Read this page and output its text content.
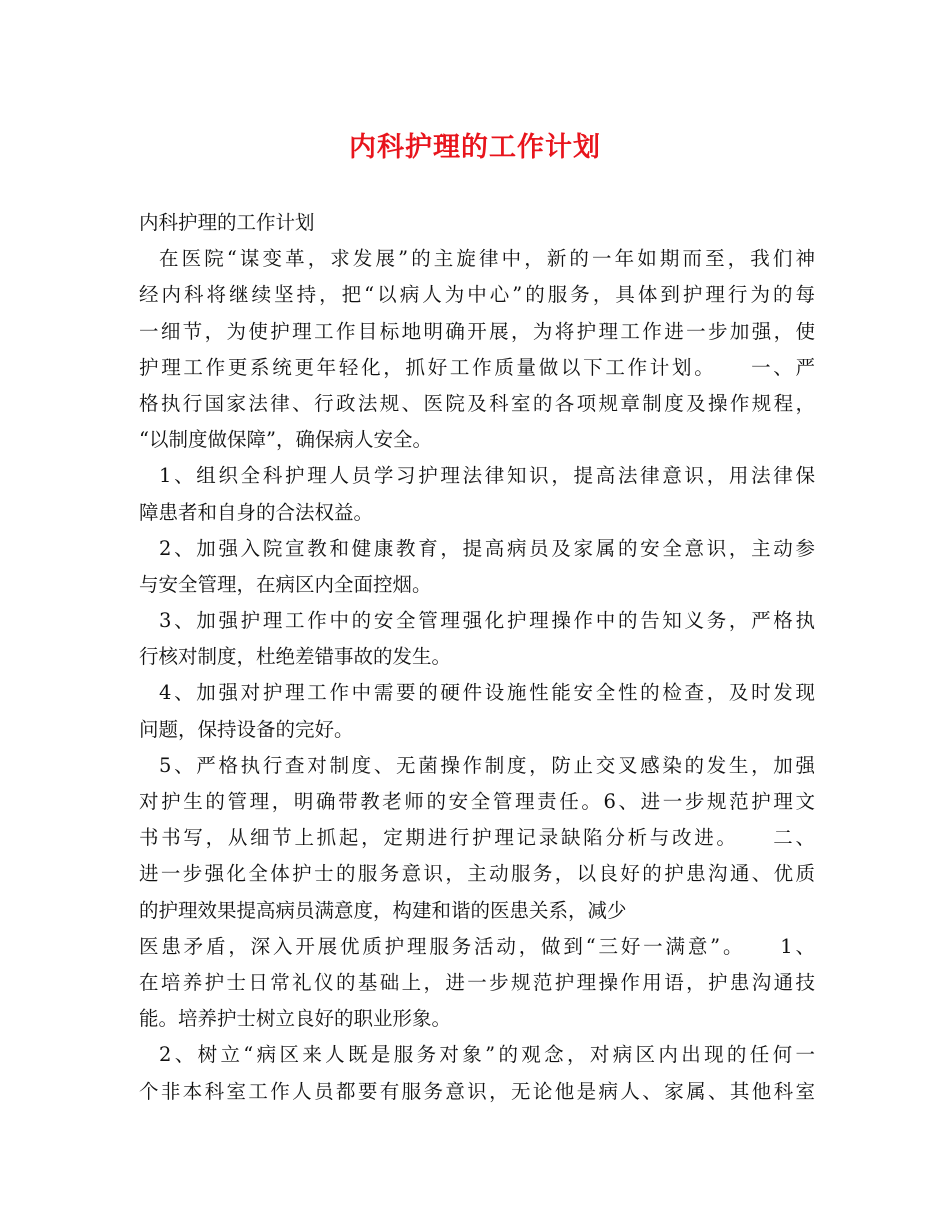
内科护理的工作计划
内科护理的工作计划
在医院“谋变革，求发展”的主旋律中，新的一年如期而至，我们神
经内科将继续坚持，把“以病人为中心”的服务，具体到护理行为的每
一细节，为使护理工作目标地明确开展，为将护理工作进一步加强，使
护理工作更系统更年轻化，抓好工作质量做以下工作计划。　　一、严
格执行国家法律、行政法规、医院及科室的各项规章制度及操作规程，
“以制度做保障”，确保病人安全。
1、组织全科护理人员学习护理法律知识，提高法律意识，用法律保
障患者和自身的合法权益。
2、加强入院宣教和健康教育，提高病员及家属的安全意识，主动参
与安全管理，在病区内全面控烟。
3、加强护理工作中的安全管理强化护理操作中的告知义务，严格执
行核对制度，杜绝差错事故的发生。
4、加强对护理工作中需要的硬件设施性能安全性的检查，及时发现
问题，保持设备的完好。
5、严格执行查对制度、无菌操作制度，防止交叉感染的发生，加强
对护生的管理，明确带教老师的安全管理责任。6、进一步规范护理文
书书写，从细节上抓起，定期进行护理记录缺陷分析与改进。　　二、
进一步强化全体护士的服务意识，主动服务，以良好的护患沟通、优质
的护理效果提高病员满意度，构建和谐的医患关系，减少
医患矛盾，深入开展优质护理服务活动，做到“三好一满意”。　　1、
在培养护士日常礼仪的基础上，进一步规范护理操作用语，护患沟通技
能。培养护士树立良好的职业形象。
2、树立“病区来人既是服务对象”的观念，对病区内出现的任何一
个非本科室工作人员都要有服务意识，无论他是病人、家属、其他科室
